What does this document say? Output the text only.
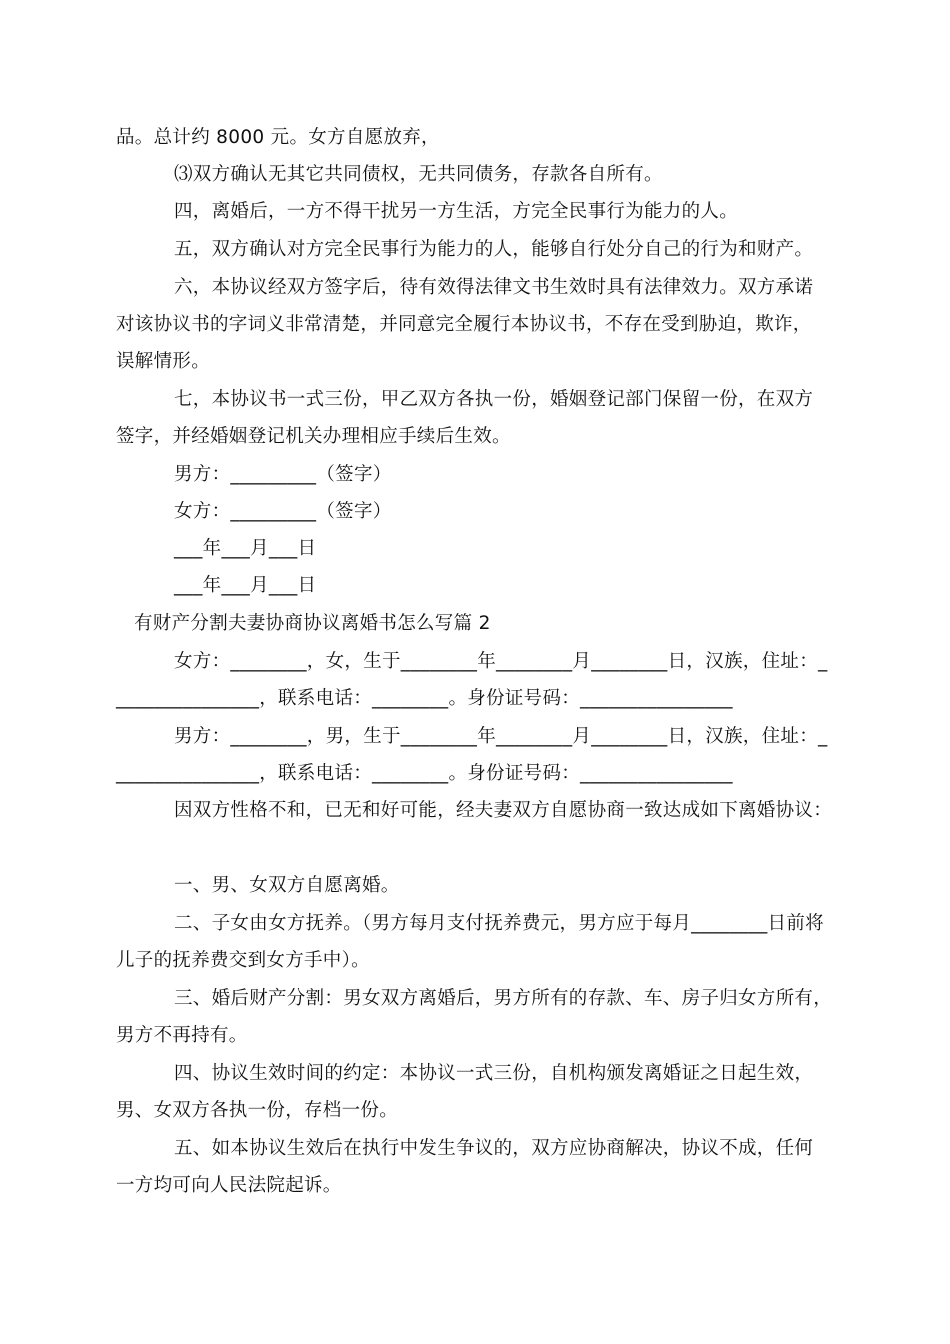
品。总计约 8000 元。女方自愿放弃，
⑶双方确认无其它共同债权，无共同债务，存款各自所有。
四，离婚后，一方不得干扰另一方生活，方完全民事行为能力的人。
五，双方确认对方完全民事行为能力的人，能够自行处分自己的行为和财产。
六，本协议经双方签字后，待有效得法律文书生效时具有法律效力。双方承诺
对该协议书的字词义非常清楚，并同意完全履行本协议书，不存在受到胁迫，欺诈，
误解情形。
七，本协议书一式三份，甲乙双方各执一份，婚姻登记部门保留一份，在双方
签字，并经婚姻登记机关办理相应手续后生效。
男方：_________（签字）
女方：_________（签字）
___年___月___日
___年___月___日
有财产分割夫妻协商协议离婚书怎么写篇 2
女方：________，女，生于________年________月________日，汉族，住址：_
_______________，联系电话：________。身份证号码：________________
男方：________，男，生于________年________月________日，汉族，住址：_
_______________，联系电话：________。身份证号码：________________
因双方性格不和，已无和好可能，经夫妻双方自愿协商一致达成如下离婚协议：
一、男、女双方自愿离婚。
二、子女由女方抚养。（男方每月支付抚养费元，男方应于每月________日前将
儿子的抚养费交到女方手中）。
三、婚后财产分割：男女双方离婚后，男方所有的存款、车、房子归女方所有，
男方不再持有。
四、协议生效时间的约定：本协议一式三份，自机构颁发离婚证之日起生效，
男、女双方各执一份，存档一份。
五、如本协议生效后在执行中发生争议的，双方应协商解决，协议不成，任何
一方均可向人民法院起诉。
